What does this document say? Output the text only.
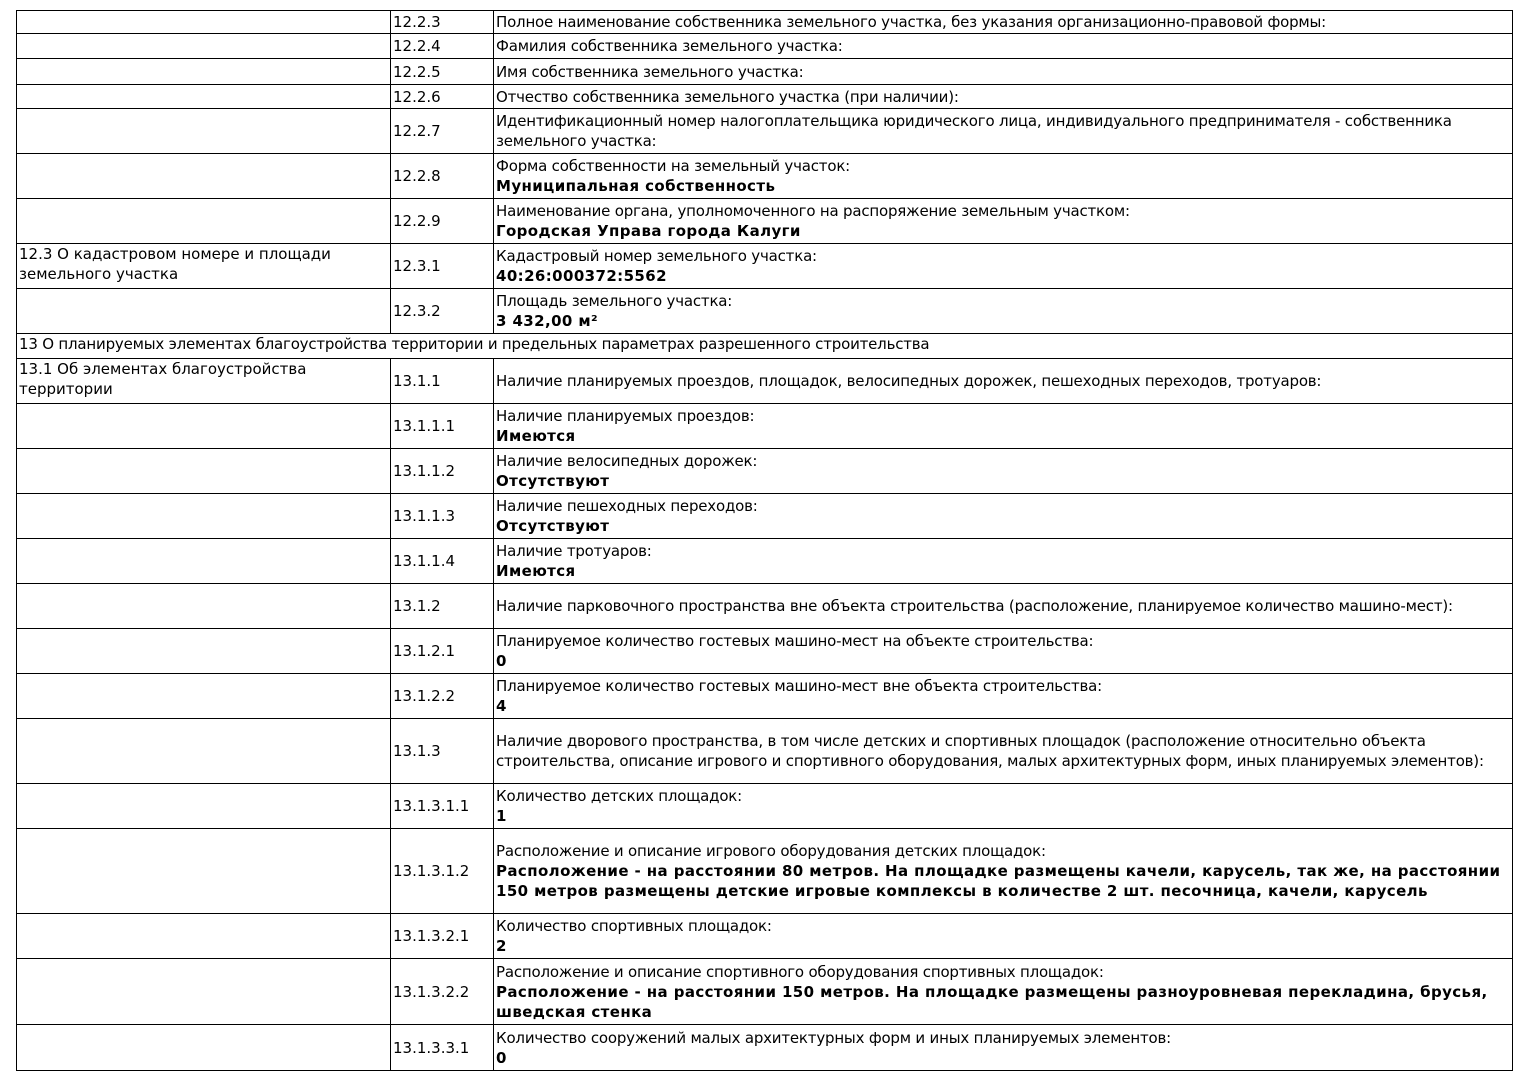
	12.2.3	Полное наименование собственника земельного участка, без указания организационно-правовой формы:

	12.2.4	Фамилия собственника земельного участка:

	12.2.5	Имя собственника земельного участка:

	12.2.6	Отчество собственника земельного участка (при наличии):

	12.2.7	Идентификационный номер налогоплательщика юридического лица, индивидуального предпринимателя - собственника земельного участка:

	12.2.8	Форма собственности на земельный участок:
Муниципальная собственность

	12.2.9	Наименование органа, уполномоченного на распоряжение земельным участком:
Городская Управа города Калуги

12.3 О кадастровом номере и площади земельного участка	12.3.1	Кадастровый номер земельного участка:
40:26:000372:5562

	12.3.2	Площадь земельного участка:
3 432,00 м²

13 О планируемых элементах благоустройства территории и предельных параметрах разрешенного строительства		
13.1 Об элементах благоустройства территории	13.1.1	Наличие планируемых проездов, площадок, велосипедных дорожек, пешеходных переходов, тротуаров:

	13.1.1.1	Наличие планируемых проездов:
Имеются

	13.1.1.2	Наличие велосипедных дорожек:
Отсутствуют

	13.1.1.3	Наличие пешеходных переходов:
Отсутствуют

	13.1.1.4	Наличие тротуаров:
Имеются

	13.1.2	Наличие парковочного пространства вне объекта строительства (расположение, планируемое количество машино-мест):

	13.1.2.1	Планируемое количество гостевых машино-мест на объекте строительства:
0

	13.1.2.2	Планируемое количество гостевых машино-мест вне объекта строительства:
4

	13.1.3	Наличие дворового пространства, в том числе детских и спортивных площадок (расположение относительно объекта строительства, описание игрового и спортивного оборудования, малых архитектурных форм, иных планируемых элементов):

	13.1.3.1.1	Количество детских площадок:
1

	13.1.3.1.2	Расположение и описание игрового оборудования детских площадок:
Расположение - на расстоянии 80 метров. На площадке размещены качели, карусель, так же, на расстоянии 150 метров размещены детские игровые комплексы в количестве 2 шт. песочница, качели, карусель

	13.1.3.2.1	Количество спортивных площадок:
2

	13.1.3.2.2	Расположение и описание спортивного оборудования спортивных площадок:
Расположение - на расстоянии 150 метров. На площадке размещены разноуровневая перекладина, брусья, шведская стенка

	13.1.3.3.1	Количество сооружений малых архитектурных форм и иных планируемых элементов:
0
